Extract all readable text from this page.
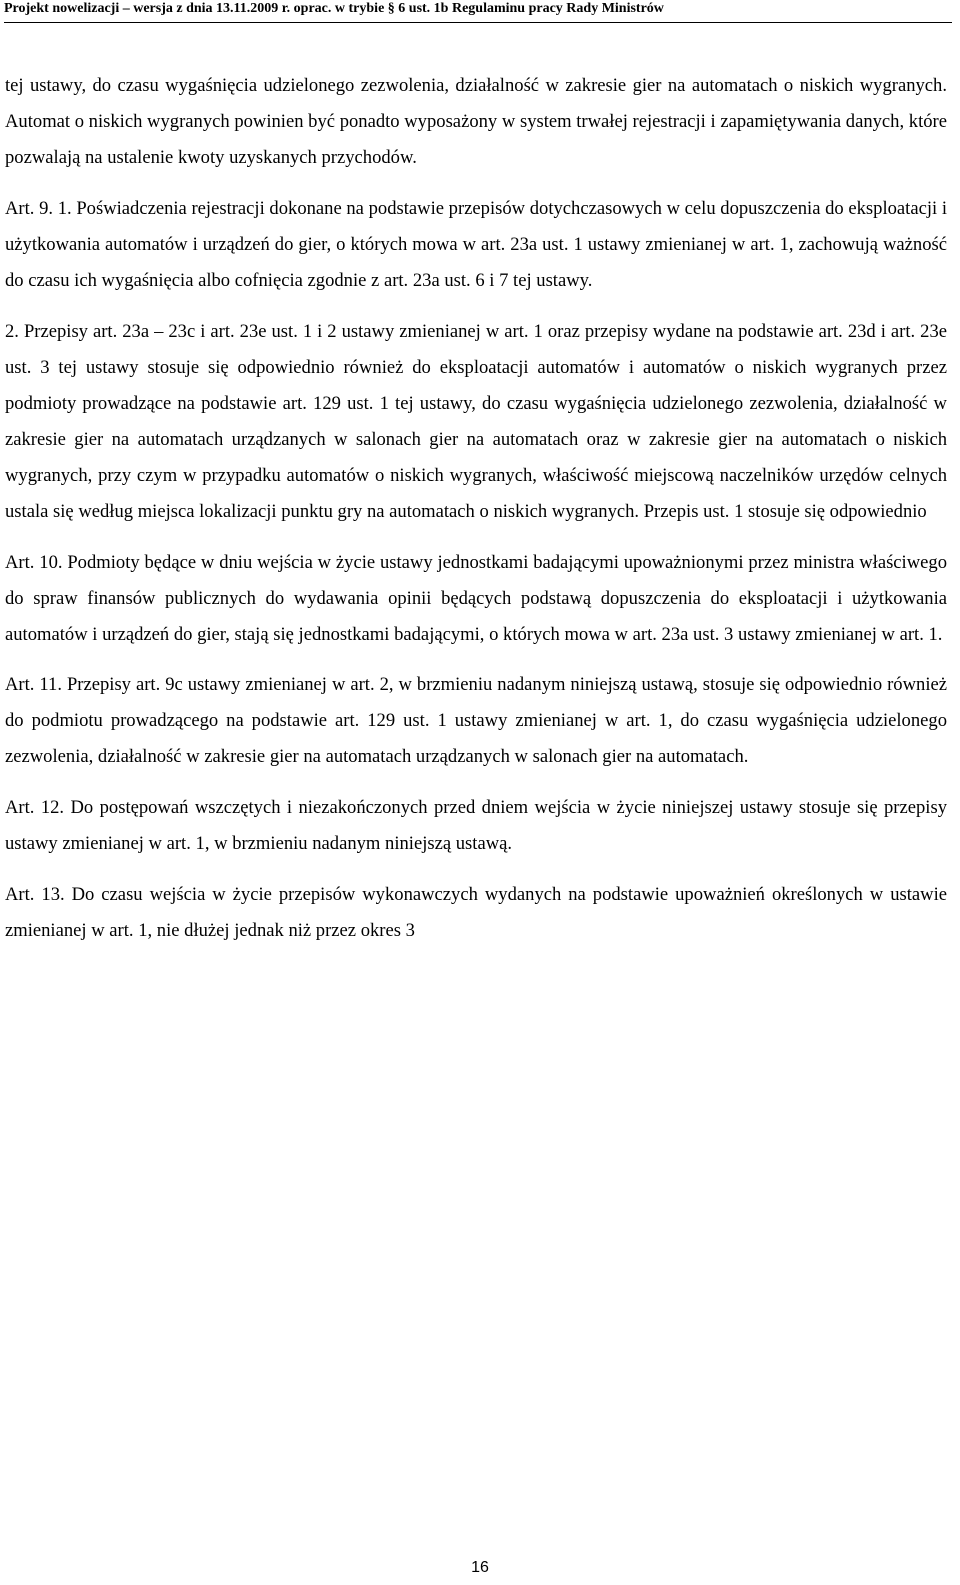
Projekt nowelizacji – wersja z dnia 13.11.2009 r. oprac. w trybie § 6 ust. 1b Regulaminu pracy Rady Ministrów

tej ustawy, do czasu wygaśnięcia udzielonego zezwolenia, działalność w zakresie gier na automatach o niskich wygranych. Automat o niskich wygranych powinien być ponadto wyposażony w system trwałej rejestracji i zapamiętywania danych, które pozwalają na ustalenie kwoty uzyskanych przychodów.

Art. 9. 1. Poświadczenia rejestracji dokonane na podstawie przepisów dotychczasowych w celu dopuszczenia do eksploatacji i użytkowania automatów i urządzeń do gier, o których mowa w art. 23a ust. 1 ustawy zmienianej w art. 1, zachowują ważność do czasu ich wygaśnięcia albo cofnięcia zgodnie z art. 23a ust. 6 i 7 tej ustawy.

2. Przepisy art. 23a – 23c i art. 23e ust. 1 i 2 ustawy zmienianej w art. 1 oraz przepisy wydane na podstawie art. 23d i art. 23e ust. 3 tej ustawy stosuje się odpowiednio również do eksploatacji automatów i automatów o niskich wygranych przez podmioty prowadzące na podstawie art. 129 ust. 1 tej ustawy, do czasu wygaśnięcia udzielonego zezwolenia, działalność w zakresie gier na automatach urządzanych w salonach gier na automatach oraz w zakresie gier na automatach o niskich wygranych, przy czym w przypadku automatów o niskich wygranych, właściwość miejscową naczelników urzędów celnych ustala się według miejsca lokalizacji punktu gry na automatach o niskich wygranych. Przepis ust. 1 stosuje się odpowiednio

Art. 10. Podmioty będące w dniu wejścia w życie ustawy jednostkami badającymi upoważnionymi przez ministra właściwego do spraw finansów publicznych do wydawania opinii będących podstawą dopuszczenia do eksploatacji i użytkowania automatów i urządzeń do gier, stają się jednostkami badającymi, o których mowa w art. 23a ust. 3 ustawy zmienianej w art. 1.

Art. 11. Przepisy art. 9c ustawy zmienianej w art. 2, w brzmieniu nadanym niniejszą ustawą, stosuje się odpowiednio również do podmiotu prowadzącego na podstawie art. 129 ust. 1 ustawy zmienianej w art. 1, do czasu wygaśnięcia udzielonego zezwolenia, działalność w zakresie gier na automatach urządzanych w salonach gier na automatach.

Art. 12. Do postępowań wszczętych i niezakończonych przed dniem wejścia w życie niniejszej ustawy stosuje się przepisy ustawy zmienianej w art. 1, w brzmieniu nadanym niniejszą ustawą.

Art. 13. Do czasu wejścia w życie przepisów wykonawczych wydanych na podstawie upoważnień określonych w ustawie zmienianej w art. 1, nie dłużej jednak niż przez okres 3

16
